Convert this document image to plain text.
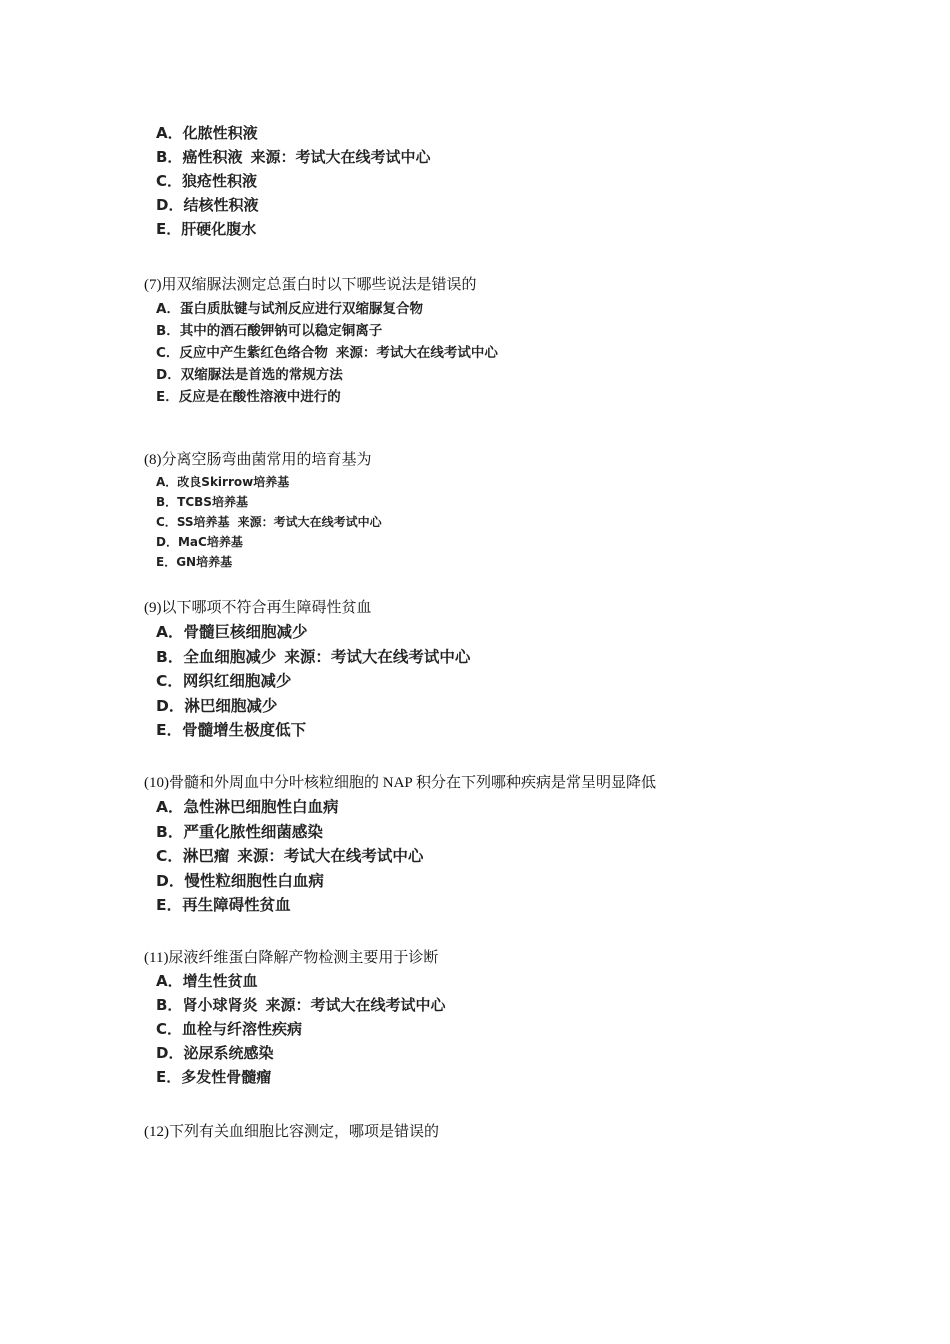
A．化脓性积液
B．癌性积液 来源：考试大在线考试中心
C．狼疮性积液
D．结核性积液
E．肝硬化腹水
(7)用双缩脲法测定总蛋白时以下哪些说法是错误的
A．蛋白质肽键与试剂反应进行双缩脲复合物
B．其中的酒石酸钾钠可以稳定铜离子
C．反应中产生紫红色络合物 来源：考试大在线考试中心
D．双缩脲法是首选的常规方法
E．反应是在酸性溶液中进行的
(8)分离空肠弯曲菌常用的培育基为
A．改良Skirrow培养基
B．TCBS培养基
C．SS培养基 来源：考试大在线考试中心
D．MaC培养基
E．GN培养基
(9)以下哪项不符合再生障碍性贫血
A．骨髓巨核细胞减少
B．全血细胞减少 来源：考试大在线考试中心
C．网织红细胞减少
D．淋巴细胞减少
E．骨髓增生极度低下
(10)骨髓和外周血中分叶核粒细胞的 NAP 积分在下列哪种疾病是常呈明显降低
A．急性淋巴细胞性白血病
B．严重化脓性细菌感染
C．淋巴瘤 来源：考试大在线考试中心
D．慢性粒细胞性白血病
E．再生障碍性贫血
(11)尿液纤维蛋白降解产物检测主要用于诊断
A．增生性贫血
B．肾小球肾炎 来源：考试大在线考试中心
C．血栓与纤溶性疾病
D．泌尿系统感染
E．多发性骨髓瘤
(12)下列有关血细胞比容测定，哪项是错误的
